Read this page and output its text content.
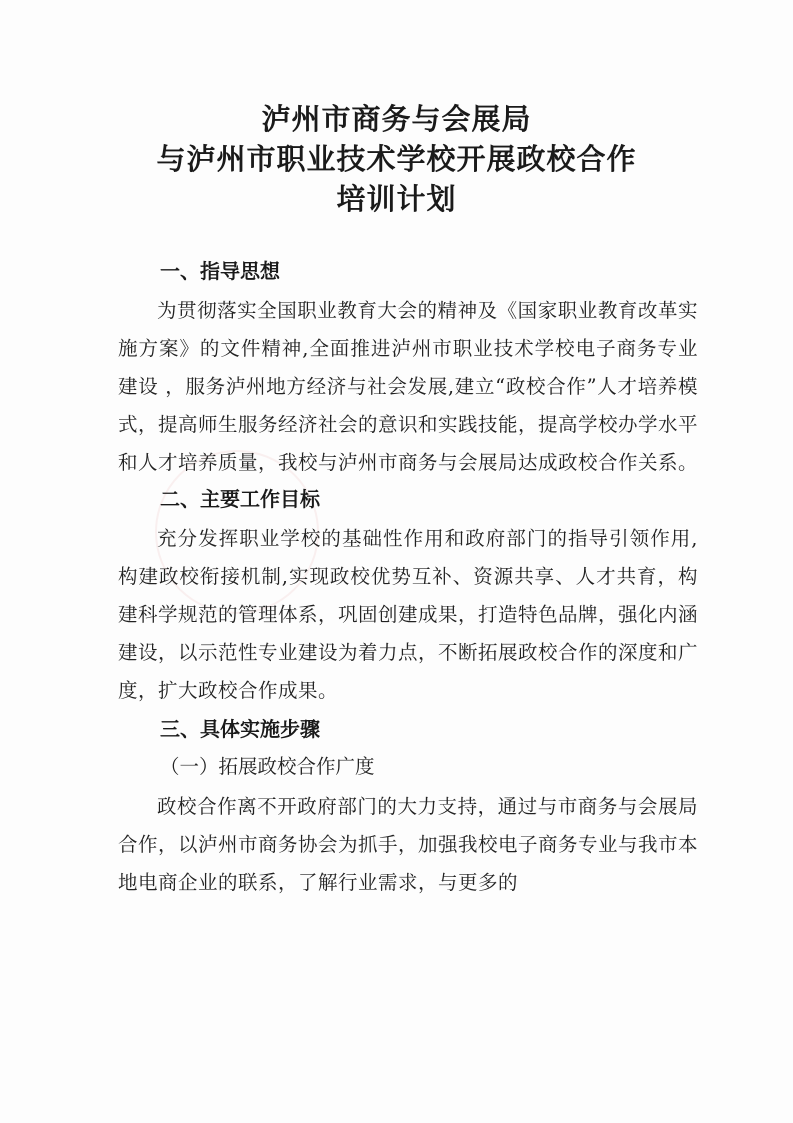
泸州市商务与会展局
与泸州市职业技术学校开展政校合作
培训计划

一、指导思想

为贯彻落实全国职业教育大会的精神及《国家职业教育改革实施方案》的文件精神,全面推进泸州市职业技术学校电子商务专业建设 ，服务泸州地方经济与社会发展,建立“政校合作”人才培养模式，提高师生服务经济社会的意识和实践技能，提高学校办学水平和人才培养质量，我校与泸州市商务与会展局达成政校合作关系。

二、主要工作目标

充分发挥职业学校的基础性作用和政府部门的指导引领作用,构建政校衔接机制,实现政校优势互补、资源共享、人才共育，构建科学规范的管理体系，巩固创建成果，打造特色品牌，强化内涵建设，以示范性专业建设为着力点，不断拓展政校合作的深度和广度，扩大政校合作成果。

三、具体实施步骤

（一）拓展政校合作广度

政校合作离不开政府部门的大力支持，通过与市商务与会展局合作，以泸州市商务协会为抓手，加强我校电子商务专业与我市本地电商企业的联系，了解行业需求，与更多的
